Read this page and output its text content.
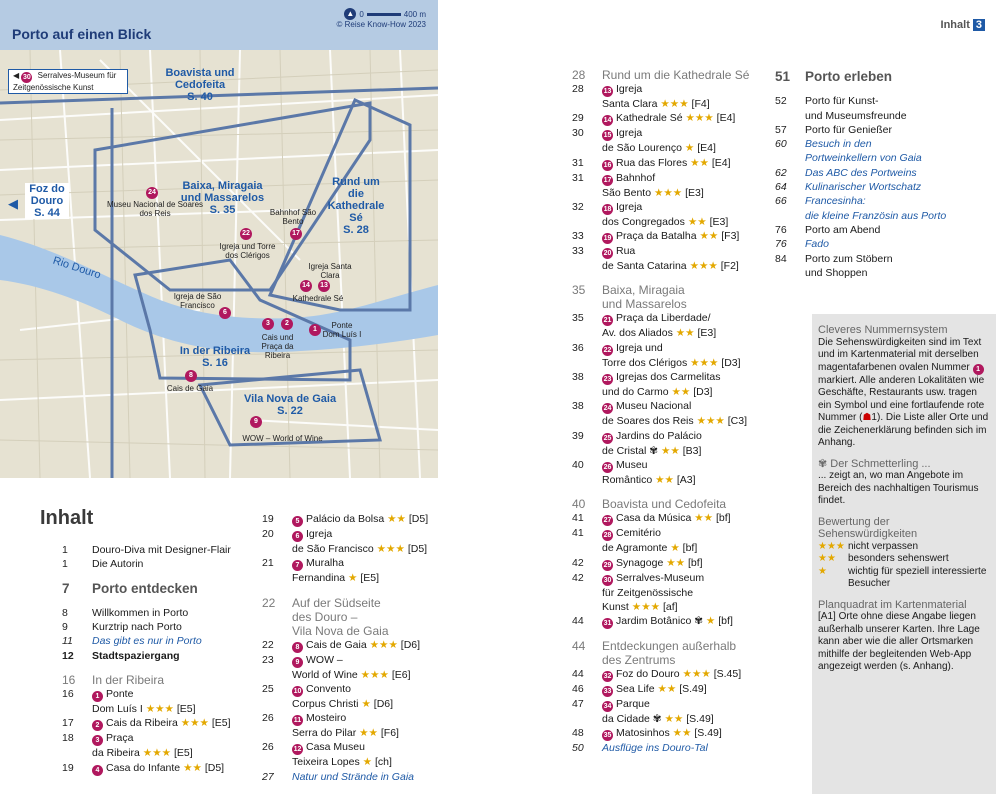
Porto auf einen Blick
▲ 0	400 m
© Reise Know-How 2023
◀ 30 Serralves-Museum für Zeitgenössische Kunst
Boavista und Cedofeita
S. 40
Baixa, Miragaia und Massarelos
S. 35
Rund um die Kathedrale Sé
S. 28
In der Ribeira
S. 16
Vila Nova de Gaia
S. 22
Foz do Douro
S. 44
◀
Rio Douro
24
Museu Nacional de Soares dos Reis	Bahnhof São Bento
17
22
Igreja und Torre dos Clérigos
Igreja Santa Clara
14	13
Kathedrale Sé
Igreja de São Francisco
6
3	2
1	Ponte Dom Luís I
Cais und Praça da Ribeira
8
Cais de Gaia
9
WOW – World of Wine
Inhalt
1	Douro-Diva mit Designer-Flair
1	Die Autorin
7	Porto entdecken
8	Willkommen in Porto
9	Kurztrip nach Porto
11	Das gibt es nur in Porto
12	Stadtspaziergang
16	In der Ribeira
16	1 Ponte
Dom Luís I ★★★ [E5]
17	2 Cais da Ribeira ★★★ [E5]
18	3 Praça
da Ribeira ★★★ [E5]
19	4 Casa do Infante ★★ [D5]
19	5 Palácio da Bolsa ★★ [D5]
20	6 Igreja
de São Francisco ★★★ [D5]
21	7 Muralha
Fernandina ★ [E5]
22	Auf der Südseite
des Douro –
Vila Nova de Gaia
22	8 Cais de Gaia ★★★ [D6]
23	9 WOW –
World of Wine ★★★ [E6]
25	10 Convento
Corpus Christi ★ [D6]
26	11 Mosteiro
Serra do Pilar ★★ [F6]
26	12 Casa Museu
Teixeira Lopes ★ [ch]
27	Natur und Strände in Gaia
Inhalt 3
28	Rund um die Kathedrale Sé
28	13 Igreja
Santa Clara ★★★ [F4]
29	14 Kathedrale Sé ★★★ [E4]
30	15 Igreja
de São Lourenço ★ [E4]
31	16 Rua das Flores ★★ [E4]
31	17 Bahnhof
São Bento ★★★ [E3]
32	18 Igreja
dos Congregados ★★ [E3]
33	19 Praça da Batalha ★★ [F3]
33	20 Rua
de Santa Catarina ★★★ [F2]
35	Baixa, Miragaia
und Massarelos
35	21 Praça da Liberdade/
Av. dos Aliados ★★ [E3]
36	22 Igreja und
Torre dos Clérigos ★★★ [D3]
38	23 Igrejas dos Carmelitas
und do Carmo ★★ [D3]
38	24 Museu Nacional
de Soares dos Reis ★★★ [C3]
39	25 Jardins do Palácio
de Cristal ✾ ★★ [B3]
40	26 Museu
Romântico ★★ [A3]
40	Boavista und Cedofeita
41	27 Casa da Música ★★ [bf]
41	28 Cemitério
de Agramonte ★ [bf]
42	29 Synagoge ★★ [bf]
42	30 Serralves-Museum
für Zeitgenössische
Kunst ★★★ [af]
44	31 Jardim Botânico ✾ ★ [bf]
44	Entdeckungen außerhalb
des Zentrums
44	32 Foz do Douro ★★★ [S.45]
46	33 Sea Life ★★ [S.49]
47	34 Parque
da Cidade ✾ ★★ [S.49]
48	35 Matosinhos ★★ [S.49]
50	Ausflüge ins Douro-Tal
51	Porto erleben
52	Porto für Kunst-
und Museumsfreunde
57	Porto für Genießer
60	Besuch in den
Portweinkellern von Gaia
62	Das ABC des Portweins
64	Kulinarischer Wortschatz
66	Francesinha:
die kleine Französin aus Porto
76	Porto am Abend
76	Fado
84	Porto zum Stöbern
und Shoppen
Cleveres Nummernsystem

Die Sehenswürdigkeiten sind im Text und im Kartenmaterial mit derselben magentafarbenen ovalen Nummer 1 markiert. Alle anderen Lokalitäten wie Geschäfte, Restaurants usw. tragen ein Symbol und eine fortlaufende rote Nummer (☗1). Die Liste aller Orte und die Zeichenerklärung befinden sich im Anhang.

✾ Der Schmetterling ...

... zeigt an, wo man Angebote im Bereich des nachhaltigen Tourismus findet.

Bewertung der Sehenswürdigkeiten
★★★ nicht verpassen
★★	besonders sehenswert
★	wichtig für speziell interessierte Besucher
Planquadrat im Kartenmaterial

[A1] Orte ohne diese Angabe liegen außerhalb unserer Karten. Ihre Lage kann aber wie die aller Ortsmarken mithilfe der begleitenden Web-App angezeigt werden (s. Anhang).
